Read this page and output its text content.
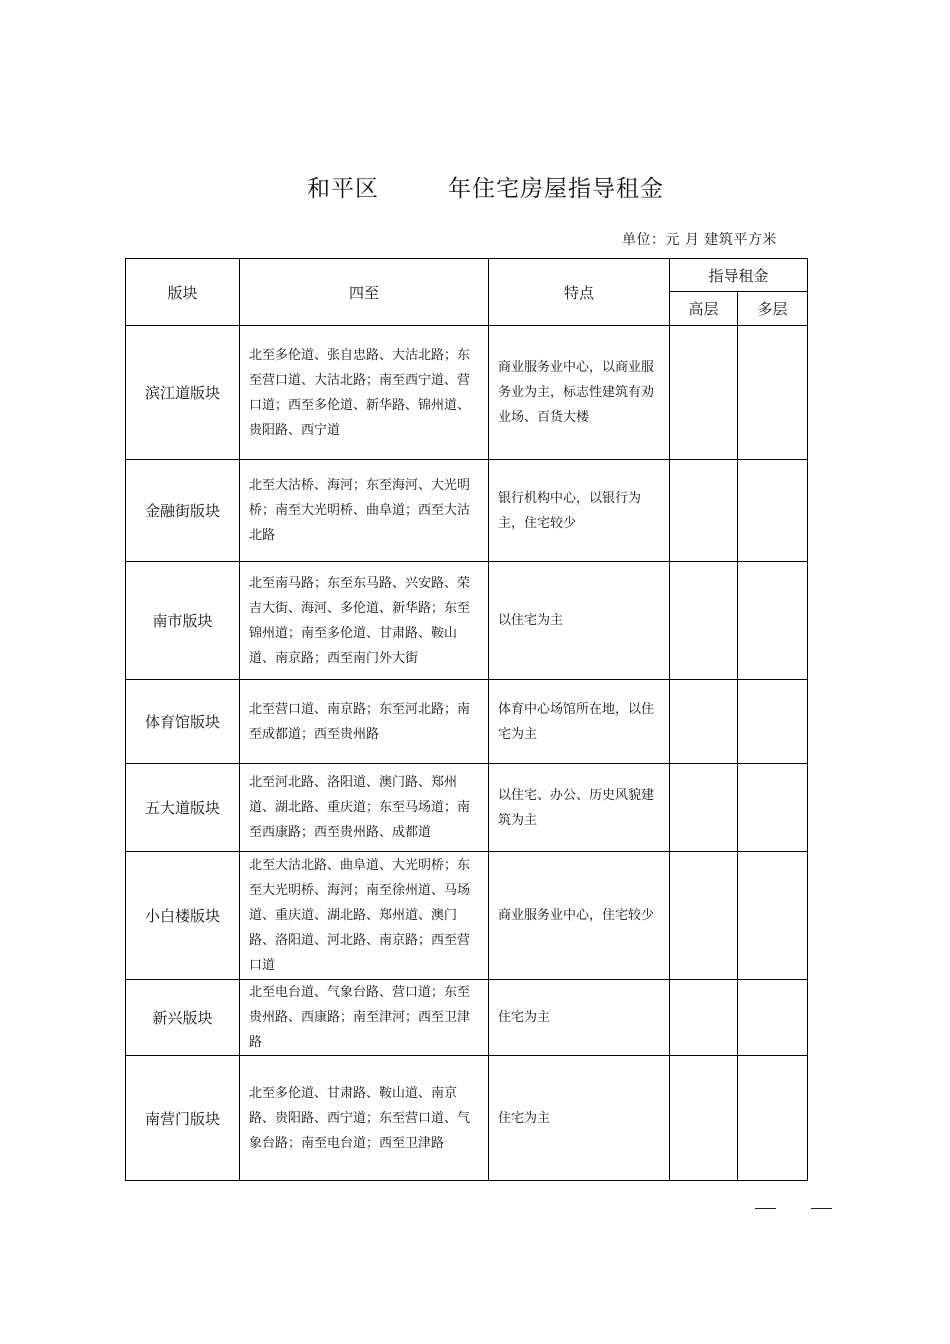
和平区	年住宅房屋指导租金
单位：元 月 建筑平方米
版块	四至	特点	指导租金	
			高层	多层
滨江道版块	北至多伦道、张自忠路、大沽北路；东至营口道、大沽北路；南至西宁道、营口道；西至多伦道、新华路、锦州道、贵阳路、西宁道	商业服务业中心，以商业服务业为主，标志性建筑有劝业场、百货大楼		
金融街版块	北至大沽桥、海河；东至海河、大光明桥；南至大光明桥、曲阜道；西至大沽北路	银行机构中心，以银行为主，住宅较少		
南市版块	北至南马路；东至东马路、兴安路、荣吉大街、海河、多伦道、新华路；东至锦州道；南至多伦道、甘肃路、鞍山道、南京路；西至南门外大街	以住宅为主		
体育馆版块	北至营口道、南京路；东至河北路；南至成都道；西至贵州路	体育中心场馆所在地，以住宅为主		
五大道版块	北至河北路、洛阳道、澳门路、郑州道、湖北路、重庆道；东至马场道；南至西康路；西至贵州路、成都道	以住宅、办公、历史风貌建筑为主		
小白楼版块	北至大沽北路、曲阜道、大光明桥；东至大光明桥、海河；南至徐州道、马场道、重庆道、湖北路、郑州道、澳门路、洛阳道、河北路、南京路；西至营口道	商业服务业中心，住宅较少		
新兴版块	北至电台道、气象台路、营口道；东至贵州路、西康路；南至津河；西至卫津路	住宅为主		
南营门版块	北至多伦道、甘肃路、鞍山道、南京路、贵阳路、西宁道；东至营口道、气象台路；南至电台道；西至卫津路	住宅为主		
